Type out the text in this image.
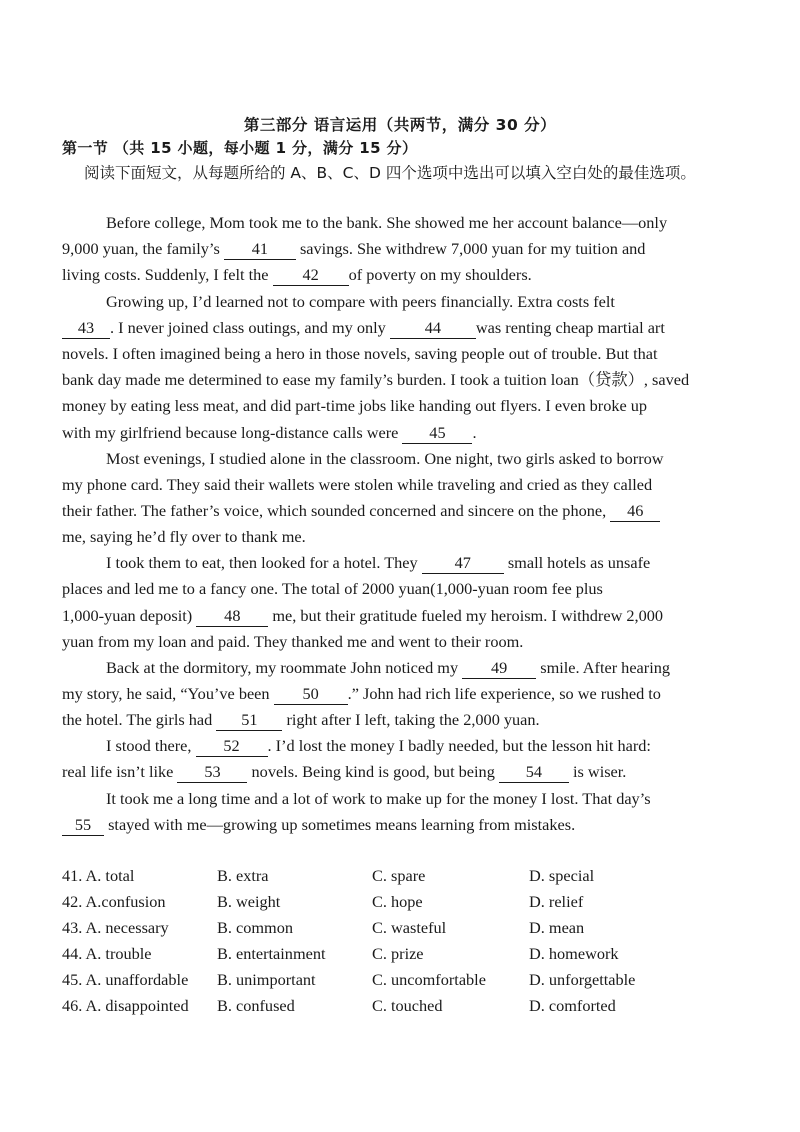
第三部分 语言运用（共两节，满分 30 分）
第一节 （共 15 小题，每小题 1 分，满分 15 分）
阅读下面短文，从每题所给的 A、B、C、D 四个选项中选出可以填入空白处的最佳选项。
Before college, Mom took me to the bank. She showed me her account balance—only
9,000 yuan, the family’s 41 savings. She withdrew 7,000 yuan for my tuition and
living costs. Suddenly, I felt the 42 of poverty on my shoulders.
Growing up, I’d learned not to compare with peers financially. Extra costs felt
43 . I never joined class outings, and my only 44 was renting cheap martial art
novels. I often imagined being a hero in those novels, saving people out of trouble. But that
bank day made me determined to ease my family’s burden. I took a tuition loan（贷款）, saved
money by eating less meat, and did part-time jobs like handing out flyers. I even broke up
with my girlfriend because long-distance calls were 45 .
Most evenings, I studied alone in the classroom. One night, two girls asked to borrow
my phone card. They said their wallets were stolen while traveling and cried as they called
their father. The father’s voice, which sounded concerned and sincere on the phone, 46
me, saying he’d fly over to thank me.
I took them to eat, then looked for a hotel. They 47 small hotels as unsafe
places and led me to a fancy one. The total of 2000 yuan(1,000-yuan room fee plus
1,000-yuan deposit) 48 me, but their gratitude fueled my heroism. I withdrew 2,000
yuan from my loan and paid. They thanked me and went to their room.
Back at the dormitory, my roommate John noticed my 49 smile. After hearing
my story, he said, “You’ve been 50 .” John had rich life experience, so we rushed to
the hotel. The girls had 51 right after I left, taking the 2,000 yuan.
I stood there, 52 . I’d lost the money I badly needed, but the lesson hit hard:
real life isn’t like 53 novels. Being kind is good, but being 54 is wiser.
It took me a long time and a lot of work to make up for the money I lost. That day’s
55 stayed with me—growing up sometimes means learning from mistakes.
41. A. total	B. extra	C. spare	D. special
42. A.confusion	B. weight	C. hope	D. relief
43. A. necessary	B. common	C. wasteful	D. mean
44. A. trouble	B. entertainment	C. prize	D. homework
45. A. unaffordable B. unimportant	C. uncomfortable	D. unforgettable
46. A. disappointed B. confused	C. touched	D. comforted
